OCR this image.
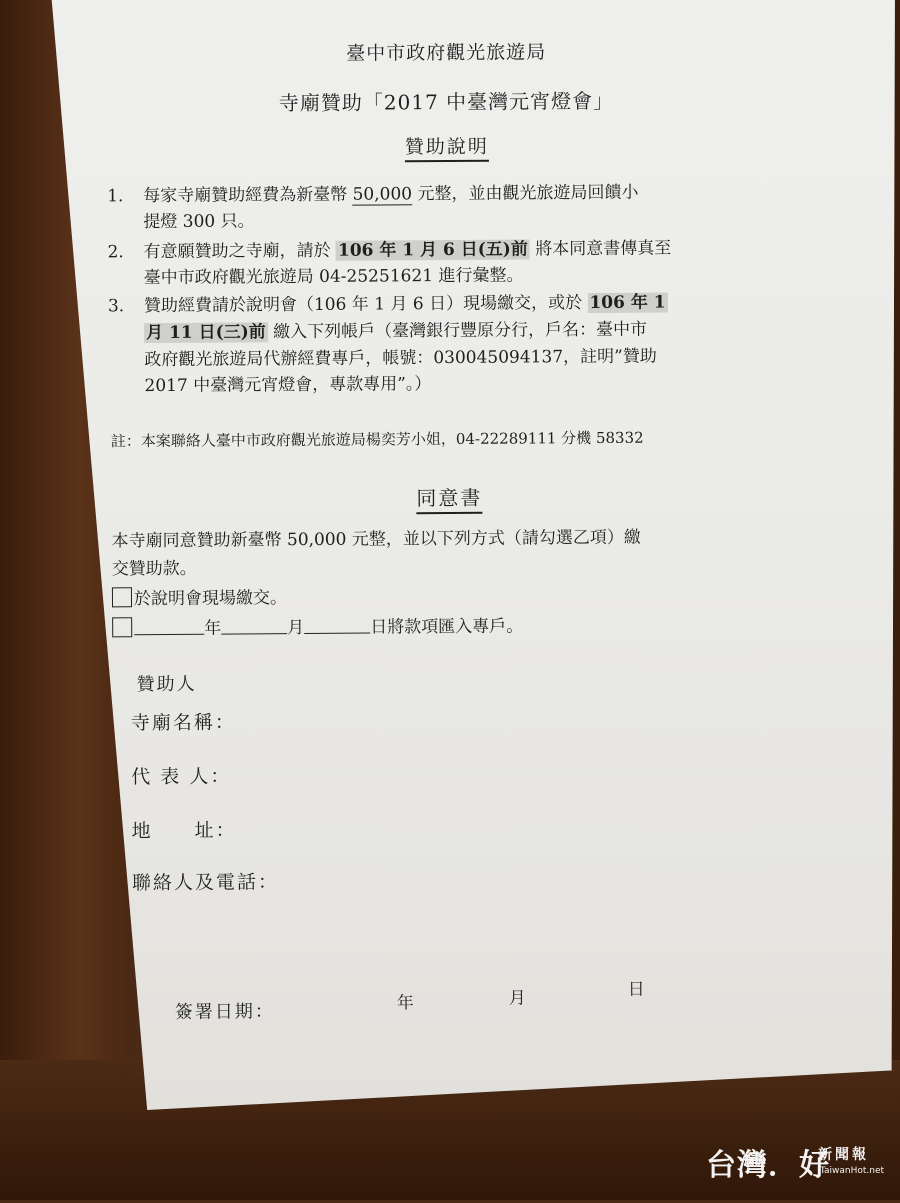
臺中市政府觀光旅遊局
寺廟贊助「2017 中臺灣元宵燈會」
贊助說明
1.	每家寺廟贊助經費為新臺幣 50,000 元整，並由觀光旅遊局回饋小
提燈 300 只。
2.	有意願贊助之寺廟，請於 106 年 1 月 6 日(五)前 將本同意書傳真至
臺中市政府觀光旅遊局 04-25251621 進行彙整。
3.	贊助經費請於說明會（106 年 1 月 6 日）現場繳交，或於 106 年 1
月 11 日(三)前 繳入下列帳戶（臺灣銀行豐原分行，戶名：臺中市
政府觀光旅遊局代辦經費專戶，帳號：030045094137，註明”贊助
2017 中臺灣元宵燈會，專款專用”。）
註：本案聯絡人臺中市政府觀光旅遊局楊奕芳小姐，04-22289111 分機 58332
同意書
本寺廟同意贊助新臺幣 50,000 元整，並以下列方式（請勾選乙項）繳
交贊助款。
於說明會現場繳交。
年	月	日將款項匯入專戶。
贊助人
寺廟名稱：
代 表 人：
地　　址：
聯絡人及電話：
簽署日期：	年	月	日
台灣．好
新聞報
TaiwanHot.net
